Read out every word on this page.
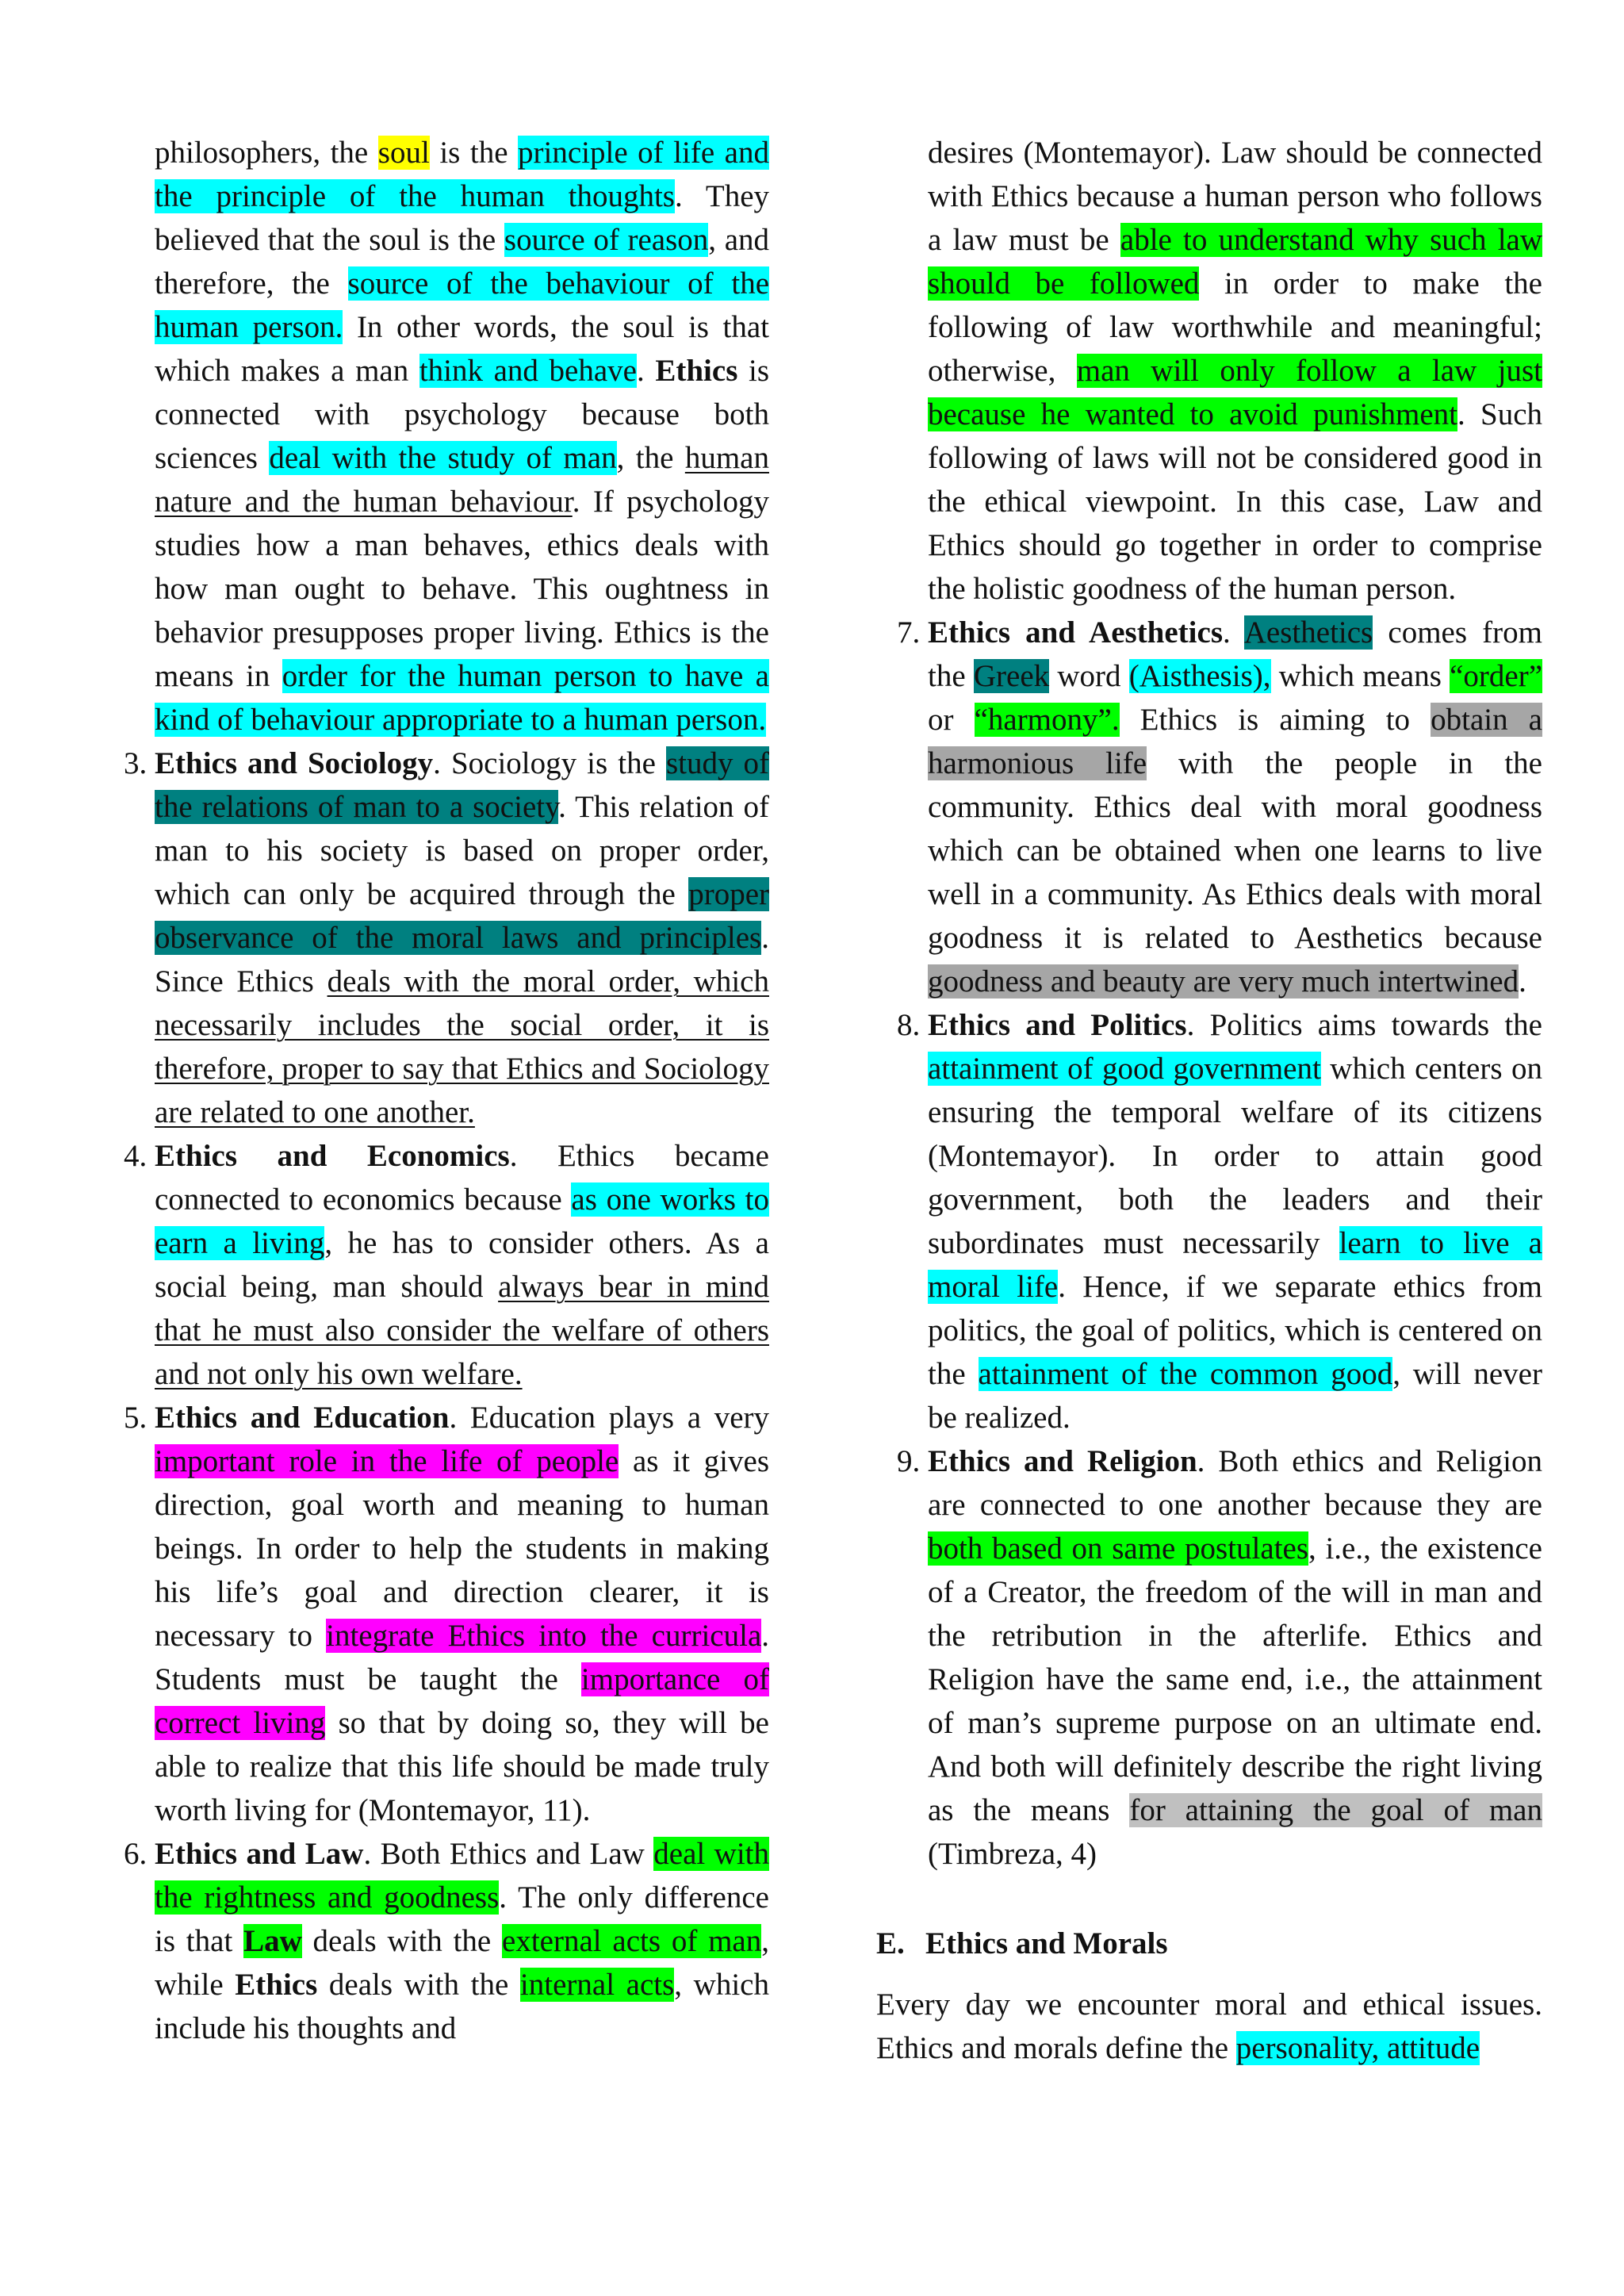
philosophers, the soul is the principle of life and the principle of the human thoughts. They believed that the soul is the source of reason, and therefore, the source of the behaviour of the human person. In other words, the soul is that which makes a man think and behave. Ethics is connected with psychology because both sciences deal with the study of man, the human nature and the human behaviour. If psychology studies how a man behaves, ethics deals with how man ought to behave. This oughtness in behavior presupposes proper living. Ethics is the means in order for the human person to have a kind of behaviour appropriate to a human person.

3. Ethics and Sociology. Sociology is the study of the relations of man to a society. This relation of man to his society is based on proper order, which can only be acquired through the proper observance of the moral laws and principles. Since Ethics deals with the moral order, which necessarily includes the social order, it is therefore, proper to say that Ethics and Sociology are related to one another.
4. Ethics and Economics. Ethics became connected to economics because as one works to earn a living, he has to consider others. As a social being, man should always bear in mind that he must also consider the welfare of others and not only his own welfare.
5. Ethics and Education. Education plays a very important role in the life of people as it gives direction, goal worth and meaning to human beings. In order to help the students in making his life’s goal and direction clearer, it is necessary to integrate Ethics into the curricula. Students must be taught the importance of correct living so that by doing so, they will be able to realize that this life should be made truly worth living for (Montemayor, 11).
6. Ethics and Law. Both Ethics and Law deal with the rightness and goodness. The only difference is that Law deals with the external acts of man, while Ethics deals with the internal acts, which include his thoughts and

desires (Montemayor). Law should be connected with Ethics because a human person who follows a law must be able to understand why such law should be followed in order to make the following of law worthwhile and meaningful; otherwise, man will only follow a law just because he wanted to avoid punishment. Such following of laws will not be considered good in the ethical viewpoint. In this case, Law and Ethics should go together in order to comprise the holistic goodness of the human person.

7. Ethics and Aesthetics. Aesthetics comes from the Greek word (Aisthesis), which means “order” or “harmony”. Ethics is aiming to obtain a harmonious life with the people in the community. Ethics deal with moral goodness which can be obtained when one learns to live well in a community. As Ethics deals with moral goodness it is related to Aesthetics because goodness and beauty are very much intertwined.
8. Ethics and Politics. Politics aims towards the attainment of good government which centers on ensuring the temporal welfare of its citizens (Montemayor). In order to attain good government, both the leaders and their subordinates must necessarily learn to live a moral life. Hence, if we separate ethics from politics, the goal of politics, which is centered on the attainment of the common good, will never be realized.
9. Ethics and Religion. Both ethics and Religion are connected to one another because they are both based on same postulates, i.e., the existence of a Creator, the freedom of the will in man and the retribution in the afterlife. Ethics and Religion have the same end, i.e., the attainment of man’s supreme purpose on an ultimate end. And both will definitely describe the right living as the means for attaining the goal of man (Timbreza, 4)
E. Ethics and Morals

Every day we encounter moral and ethical issues. Ethics and morals define the personality, attitude
